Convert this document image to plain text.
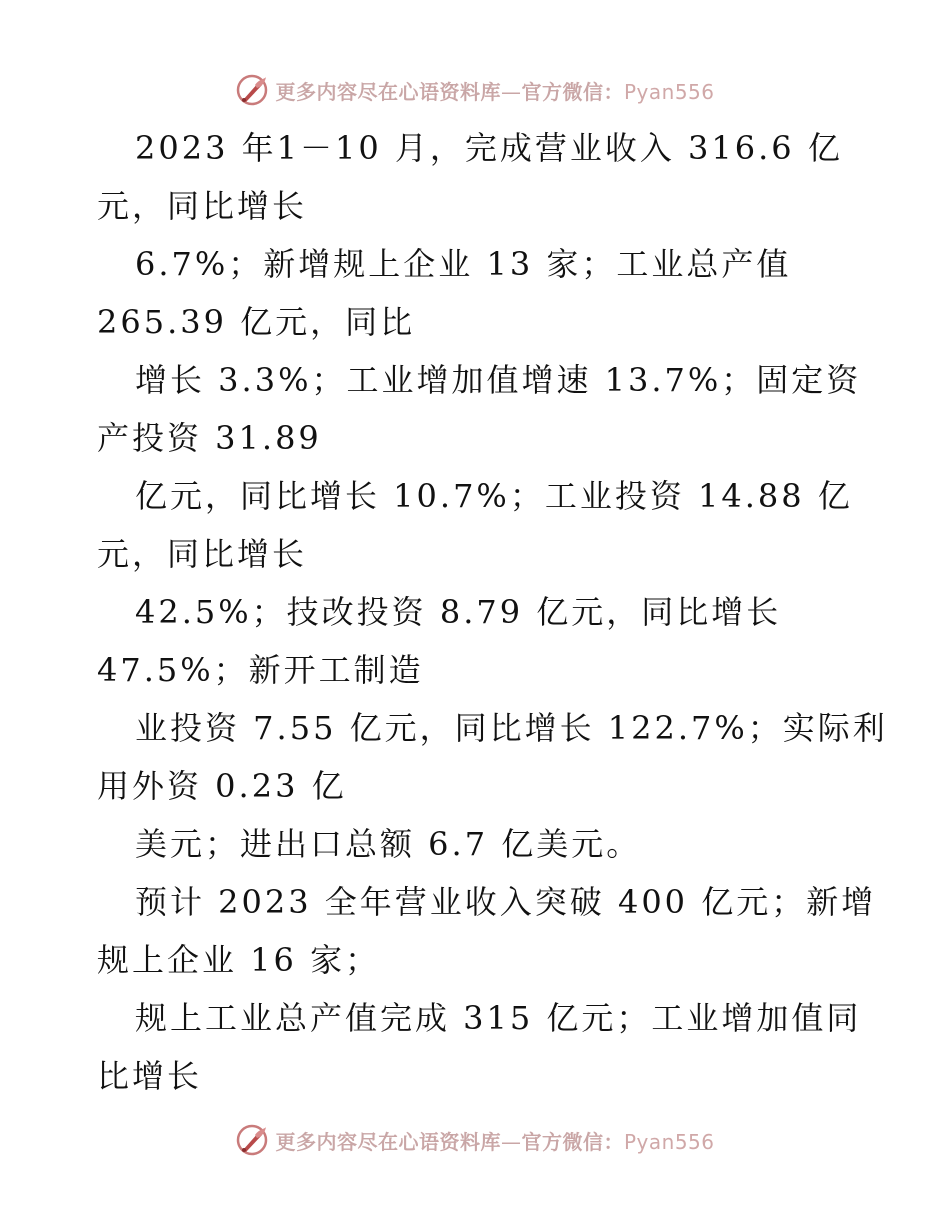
更多内容尽在心语资料库—官方微信：Pyan556
2023 年1－10 月，完成营业收入 316.6 亿
元，同比增长
6.7%；新增规上企业 13 家；工业总产值
265.39 亿元，同比
增长 3.3%；工业增加值增速 13.7%；固定资
产投资 31.89
亿元，同比增长 10.7%；工业投资 14.88 亿
元，同比增长
42.5%；技改投资 8.79 亿元，同比增长
47.5%；新开工制造
业投资 7.55 亿元，同比增长 122.7%；实际利
用外资 0.23 亿
美元；进出口总额 6.7 亿美元。
预计 2023 全年营业收入突破 400 亿元；新增
规上企业 16 家；
规上工业总产值完成 315 亿元；工业增加值同
比增长
更多内容尽在心语资料库—官方微信：Pyan556
